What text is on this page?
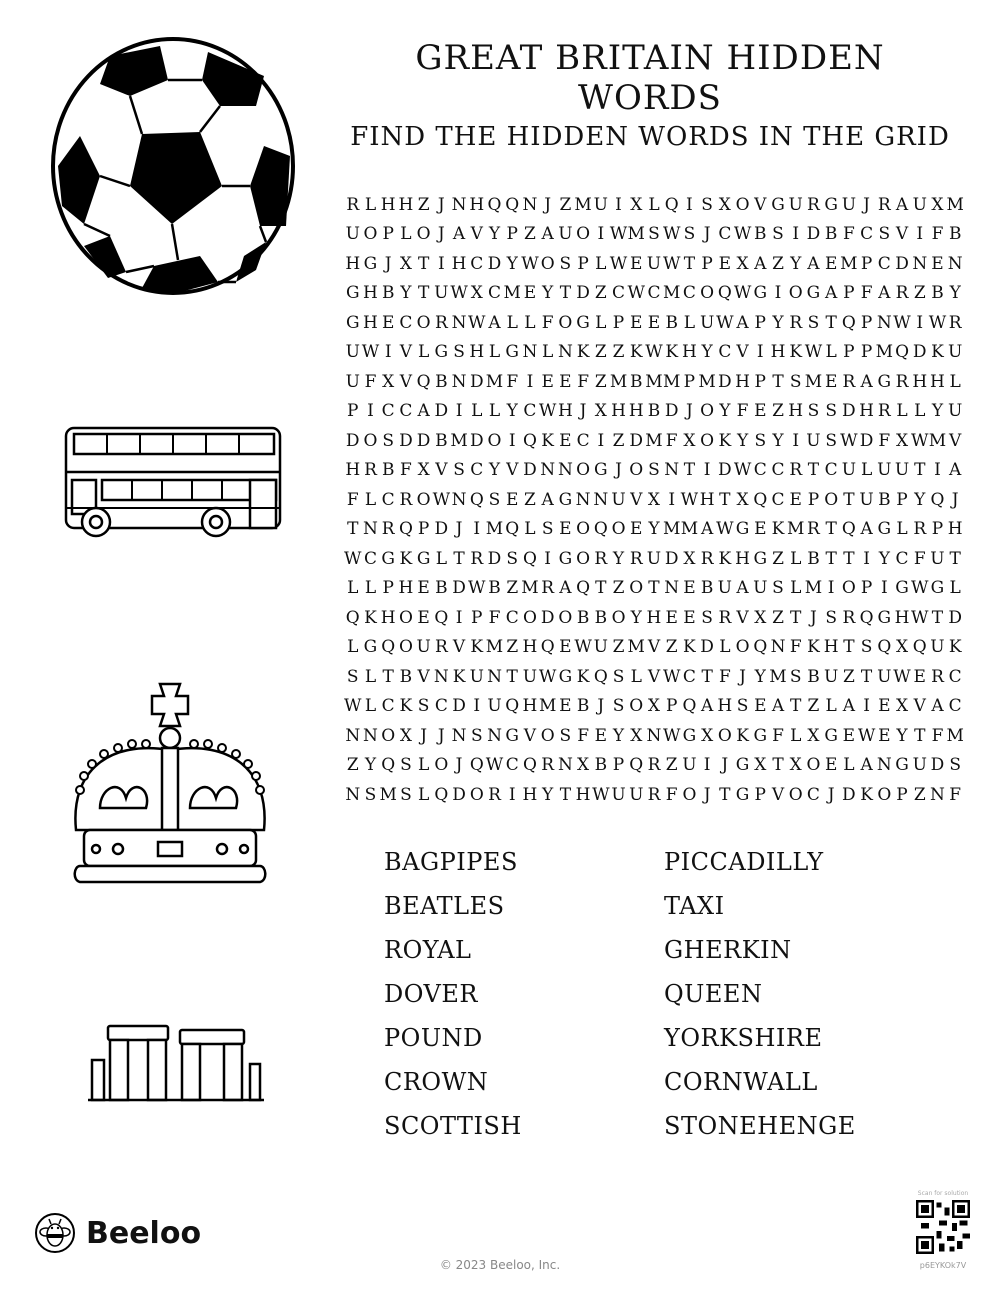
GREAT BRITAIN HIDDEN WORDS
FIND THE HIDDEN WORDS IN THE GRID
R L H H Z J N H Q Q N J Z M U I X L Q I S X O V G U R G U J R A U X M
U O P L O J A V Y P Z A U O I W M S W S J C W B S I D B F C S V I F B
H G J X T I H C D Y W O S P L W E U W T P E X A Z Y A E M P C D N E N
G H B Y T U W X C M E Y T D Z C W C M C O Q W G I O G A P F A R Z B Y
G H E C O R N W A L L F O G L P E E B L U W A P Y R S T Q P N W I W R
U W I V L G S H L G N L N K Z Z K W K H Y C V I H K W L P P M Q D K U
U F X V Q B N D M F I E E F Z M B M M P M D H P T S M E R A G R H H L
P I C C A D I L L Y C W H J X H H B D J O Y F E Z H S S D H R L L Y U
D O S D D B M D O I Q K E C I Z D M F X O K Y S Y I U S W D F X W M V
H R B F X V S C Y V D N N O G J O S N T I D W C C R T C U L U U T I A
F L C R O W N Q S E Z A G N N U V X I W H T X Q C E P O T U B P Y Q J
T N R Q P D J I M Q L S E O Q O E Y M M A W G E K M R T Q A G L R P H
W C G K G L T R D S Q I G O R Y R U D X R K H G Z L B T T I Y C F U T
L L P H E B D W B Z M R A Q T Z O T N E B U A U S L M I O P I G W G L
Q K H O E Q I P F C O D O B B O Y H E E S R V X Z T J S R Q G H W T D
L G Q O U R V K M Z H Q E W U Z M V Z K D L O Q N F K H T S Q X Q U K
S L T B V N K U N T U W G K Q S L V W C T F J Y M S B U Z T U W E R C
W L C K S C D I U Q H M E B J S O X P Q A H S E A T Z L A I E X V A C
N N O X J J N S N G V O S F E Y X N W G X O K G F L X G E W E Y T F M
Z Y Q S L O J Q W C Q R N X B P Q R Z U I J G X T X O E L A N G U D S
N S M S L Q D O R I H Y T H W U U R F O J T G P V O C J D K O P Z N F
BAGPIPES	PICCADILLY
BEATLES	TAXI
ROYAL	GHERKIN
DOVER	QUEEN
POUND	YORKSHIRE
CROWN	CORNWALL
SCOTTISH	STONEHENGE
Beeloo
© 2023 Beeloo, Inc.
Scan for solution
p6EYKOk7V
